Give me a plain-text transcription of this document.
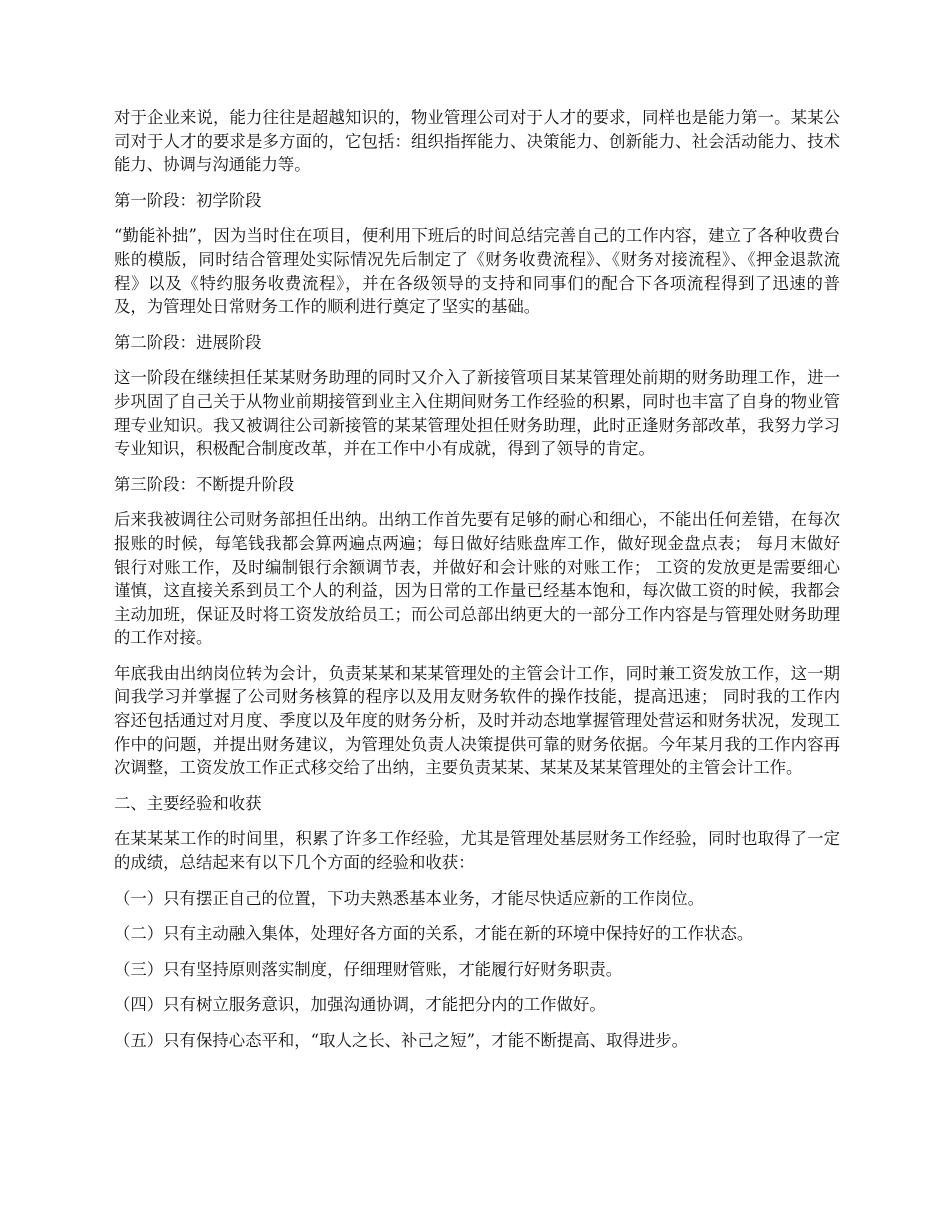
对于企业来说，能力往往是超越知识的，物业管理公司对于人才的要求，同样也是能力第一。某某公司对于人才的要求是多方面的，它包括：组织指挥能力、决策能力、创新能力、社会活动能力、技术能力、协调与沟通能力等。

第一阶段：初学阶段

“勤能补拙”，因为当时住在项目，便利用下班后的时间总结完善自己的工作内容，建立了各种收费台账的模版，同时结合管理处实际情况先后制定了《财务收费流程》、《财务对接流程》、《押金退款流程》以及《特约服务收费流程》，并在各级领导的支持和同事们的配合下各项流程得到了迅速的普及，为管理处日常财务工作的顺利进行奠定了坚实的基础。

第二阶段：进展阶段

这一阶段在继续担任某某财务助理的同时又介入了新接管项目某某管理处前期的财务助理工作，进一步巩固了自己关于从物业前期接管到业主入住期间财务工作经验的积累，同时也丰富了自身的物业管理专业知识。我又被调往公司新接管的某某管理处担任财务助理，此时正逢财务部改革，我努力学习专业知识，积极配合制度改革，并在工作中小有成就，得到了领导的肯定。

第三阶段：不断提升阶段

后来我被调往公司财务部担任出纳。出纳工作首先要有足够的耐心和细心，不能出任何差错，在每次报账的时候，每笔钱我都会算两遍点两遍；每日做好结账盘库工作，做好现金盘点表； 每月末做好银行对账工作，及时编制银行余额调节表，并做好和会计账的对账工作； 工资的发放更是需要细心谨慎，这直接关系到员工个人的利益，因为日常的工作量已经基本饱和，每次做工资的时候，我都会主动加班，保证及时将工资发放给员工；而公司总部出纳更大的一部分工作内容是与管理处财务助理的工作对接。

年底我由出纳岗位转为会计，负责某某和某某管理处的主管会计工作，同时兼工资发放工作，这一期间我学习并掌握了公司财务核算的程序以及用友财务软件的操作技能，提高迅速； 同时我的工作内容还包括通过对月度、季度以及年度的财务分析，及时并动态地掌握管理处营运和财务状况，发现工作中的问题，并提出财务建议，为管理处负责人决策提供可靠的财务依据。今年某月我的工作内容再次调整，工资发放工作正式移交给了出纳，主要负责某某、某某及某某管理处的主管会计工作。

二、主要经验和收获

在某某某工作的时间里，积累了许多工作经验，尤其是管理处基层财务工作经验，同时也取得了一定的成绩，总结起来有以下几个方面的经验和收获：

（一）只有摆正自己的位置，下功夫熟悉基本业务，才能尽快适应新的工作岗位。

（二）只有主动融入集体，处理好各方面的关系，才能在新的环境中保持好的工作状态。

（三）只有坚持原则落实制度，仔细理财管账，才能履行好财务职责。

（四）只有树立服务意识，加强沟通协调，才能把分内的工作做好。

（五）只有保持心态平和，“取人之长、补己之短”，才能不断提高、取得进步。
